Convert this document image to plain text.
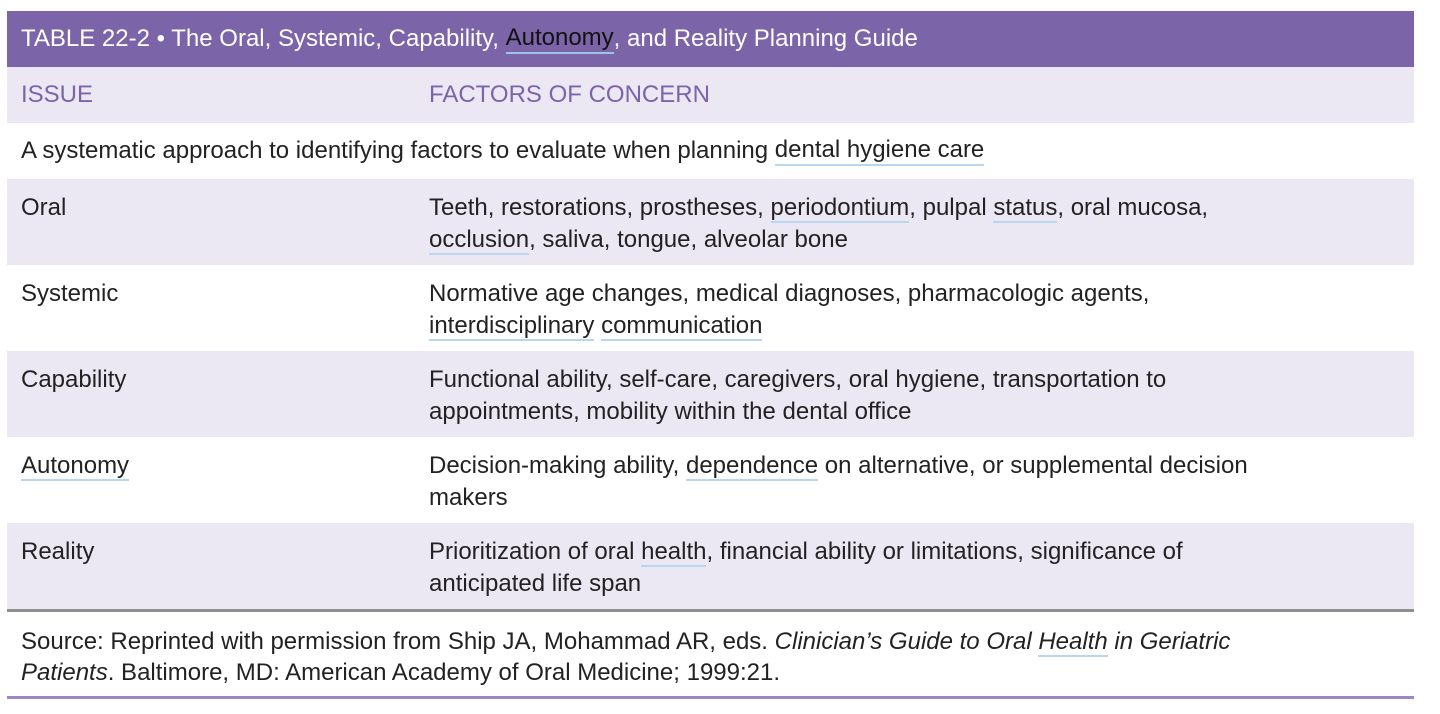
TABLE 22-2 • The Oral, Systemic, Capability,
Autonomy , and Reality Planning Guide
ISSUE	FACTORS OF CONCERN
A systematic approach to identifying factors to evaluate when planning
dental hygiene care
Oral	Teeth, restorations, prostheses, periodontium, pulpal status, oral mucosa,
occlusion, saliva, tongue, alveolar bone
Systemic	Normative age changes, medical diagnoses, pharmacologic agents,
interdisciplinary communication
Capability	Functional ability, self-care, caregivers, oral hygiene, transportation to
appointments, mobility within the dental office
Autonomy	Decision-making ability, dependence on alternative, or supplemental decision
makers
Reality	Prioritization of oral health, financial ability or limitations, significance of
anticipated life span
Source: Reprinted with permission from Ship JA, Mohammad AR, eds. Clinician’s Guide to Oral Health in Geriatric
Patients. Baltimore, MD: American Academy of Oral Medicine; 1999:21.
